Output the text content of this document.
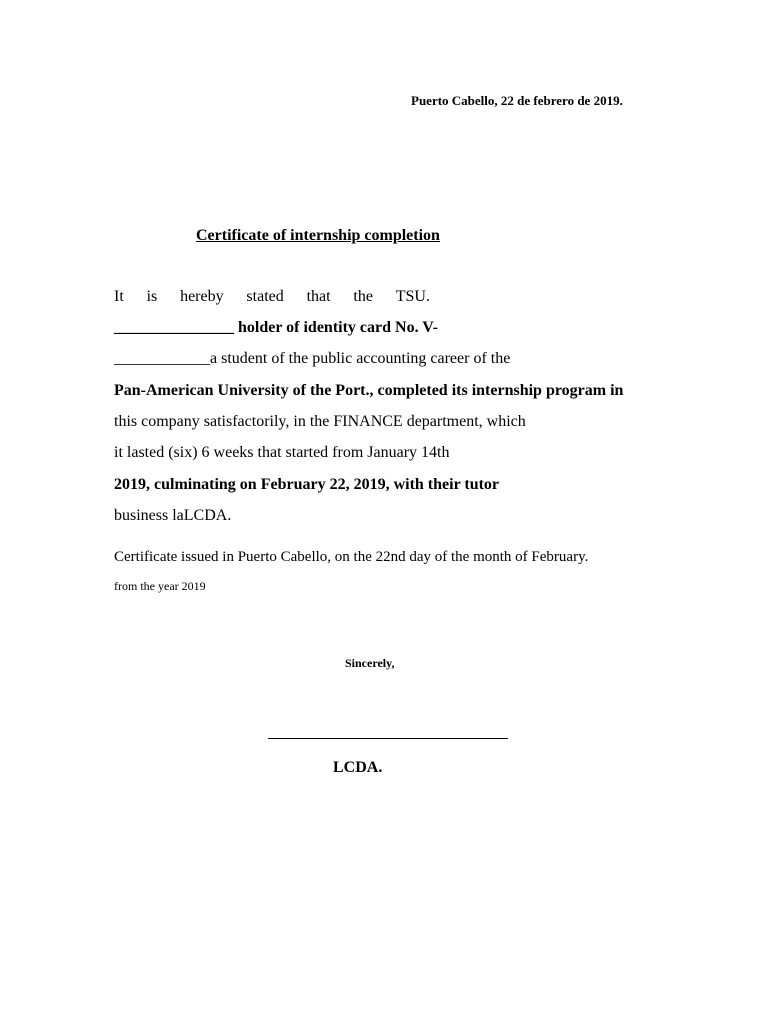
Puerto Cabello, 22 de febrero de 2019.
Certificate of internship completion
It is hereby stated that the TSU.
_______________ holder of identity card No. V-
____________a student of the public accounting career of the
Pan-American University of the Port., completed its internship program in
this company satisfactorily, in the FINANCE department, which
it lasted (six) 6 weeks that started from January 14th
2019, culminating on February 22, 2019, with their tutor
business laLCDA.
Certificate issued in Puerto Cabello, on the 22nd day of the month of February.
from the year 2019
Sincerely,
LCDA.
